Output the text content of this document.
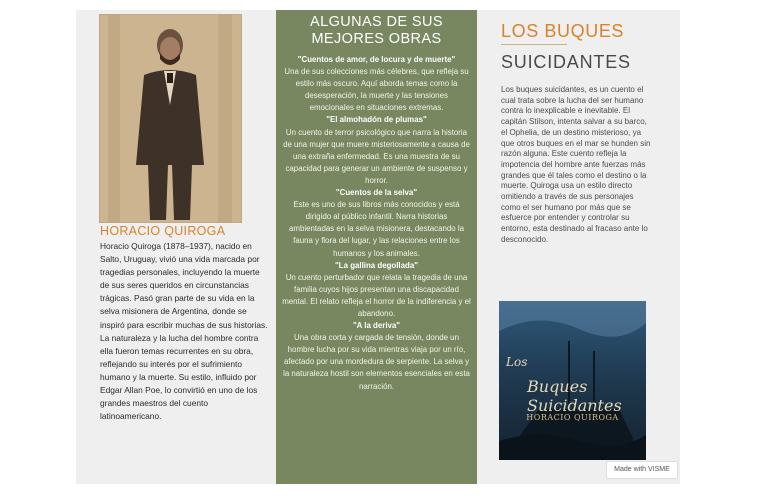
HORACIO QUIROGA

Horacio Quiroga (1878–1937), nacido en Salto, Uruguay, vivió una vida marcada por tragedias personales, incluyendo la muerte de sus seres queridos en circunstancias trágicas. Pasó gran parte de su vida en la selva misionera de Argentina, donde se inspiró para escribir muchas de sus historias. La naturaleza y la lucha del hombre contra ella fueron temas recurrentes en su obra, reflejando su interés por el sufrimiento humano y la muerte. Su estilo, influido por Edgar Allan Poe, lo convirtió en uno de los grandes maestros del cuento latinoamericano.

ALGUNAS DE SUS MEJORES OBRAS

"Cuentos de amor, de locura y de muerte"

Una de sus colecciones más célebres, que refleja su estilo más oscuro. Aquí aborda temas como la desesperación, la muerte y las tensiones emocionales en situaciones extremas.

"El almohadón de plumas"

Un cuento de terror psicológico que narra la historia de una mujer que muere misteriosamente a causa de una extraña enfermedad. Es una muestra de su capacidad para generar un ambiente de suspenso y horror.

"Cuentos de la selva"

Este es uno de sus libros más conocidos y está dirigido al público infantil. Narra historias ambientadas en la selva misionera, destacando la fauna y flora del lugar, y las relaciones entre los humanos y los animales.

"La gallina degollada"

Un cuento perturbador que relata la tragedia de una familia cuyos hijos presentan una discapacidad mental. El relato refleja el horror de la indiferencia y el abandono.

"A la deriva"

Una obra corta y cargada de tensión, donde un hombre lucha por su vida mientras viaja por un río, afectado por una mordedura de serpiente. La selva y la naturaleza hostil son elementos esenciales en esta narración.

LOS BUQUES
SUICIDANTES

Los buques suicidantes, es un cuento el cual trata sobre la lucha del ser humano contra lo inexplicable e inevitable. El capitán Stilson, intenta salvar a su barco, el Ophelia, de un destino misterioso, ya que otros buques en el mar se hunden sin razón alguna. Este cuento refleja la impotencia del hombre ante fuerzas más grandes que él tales como el destino o la muerte. Quiroga usa un estilo directo omitiendo a través de sus personajes como el ser humano por más que se esfuerce por entender y controlar su entorno, esta destinado al fracaso ante lo desconocido.

Los
Buques Suicidantes
HORACIO QUIROGA
Made with VISME
